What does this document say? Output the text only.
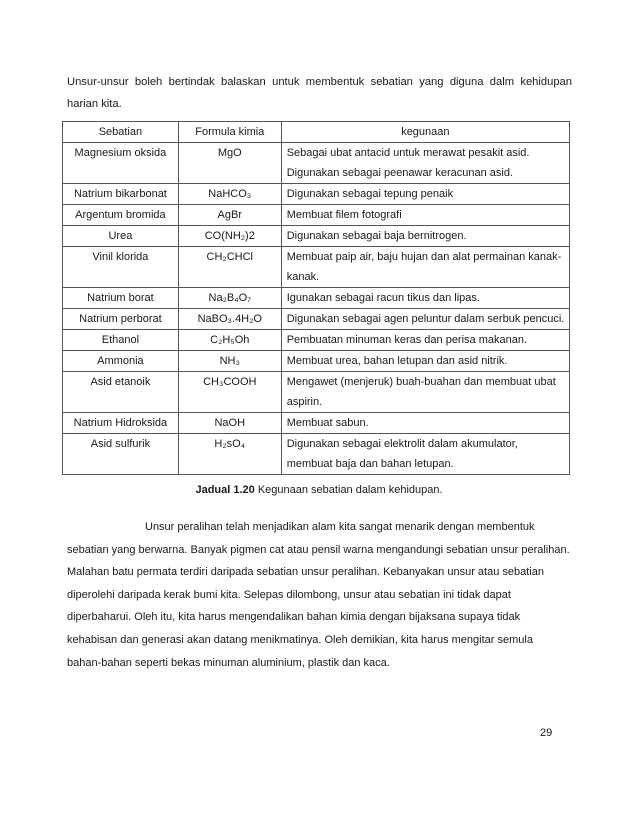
Unsur-unsur boleh bertindak balaskan untuk membentuk sebatian yang diguna dalm kehidupan harian kita.

Sebatian	Formula kimia	kegunaan
Magnesium oksida	MgO	Sebagai ubat antacid untuk merawat pesakit asid. Digunakan sebagai peenawar keracunan asid.
Natrium bikarbonat	NaHCO₃	Digunakan sebagai tepung penaik
Argentum bromida	AgBr	Membuat filem fotografi
Urea	CO(NH₂)2	Digunakan sebagai baja bernitrogen.
Vinil klorida	CH₂CHCl	Membuat paip air, baju hujan dan alat permainan kanak-kanak.
Natrium borat	Na₂B₄O₇	Igunakan sebagai racun tikus dan lipas.
Natrium perborat	NaBO₃.4H₂O	Digunakan sebagai agen peluntur dalam serbuk pencuci.
Ethanol	C₂H₅Oh	Pembuatan minuman keras dan perisa makanan.
Ammonia	NH₃	Membuat urea, bahan letupan dan asid nitrik.
Asid etanoik	CH₃COOH	Mengawet (menjeruk) buah-buahan dan membuat ubat aspirin.
Natrium Hidroksida	NaOH	Membuat sabun.
Asid sulfurik	H₂sO₄	Digunakan sebagai elektrolit dalam akumulator, membuat baja dan bahan letupan.

Jadual 1.20 Kegunaan sebatian dalam kehidupan.

Unsur peralihan telah menjadikan alam kita sangat menarik dengan membentuk sebatian yang berwarna. Banyak pigmen cat atau pensil warna mengandungi sebatian unsur peralihan. Malahan batu permata terdiri daripada sebatian unsur peralihan. Kebanyakan unsur atau sebatian diperolehi daripada kerak bumi kita. Selepas dilombong, unsur atau sebatian ini tidak dapat diperbaharui. Oleh itu, kita harus mengendalikan bahan kimia dengan bijaksana supaya tidak kehabisan dan generasi akan datang menikmatinya. Oleh demikian, kita harus mengitar semula bahan-bahan seperti bekas minuman aluminium, plastik dan kaca.

29
